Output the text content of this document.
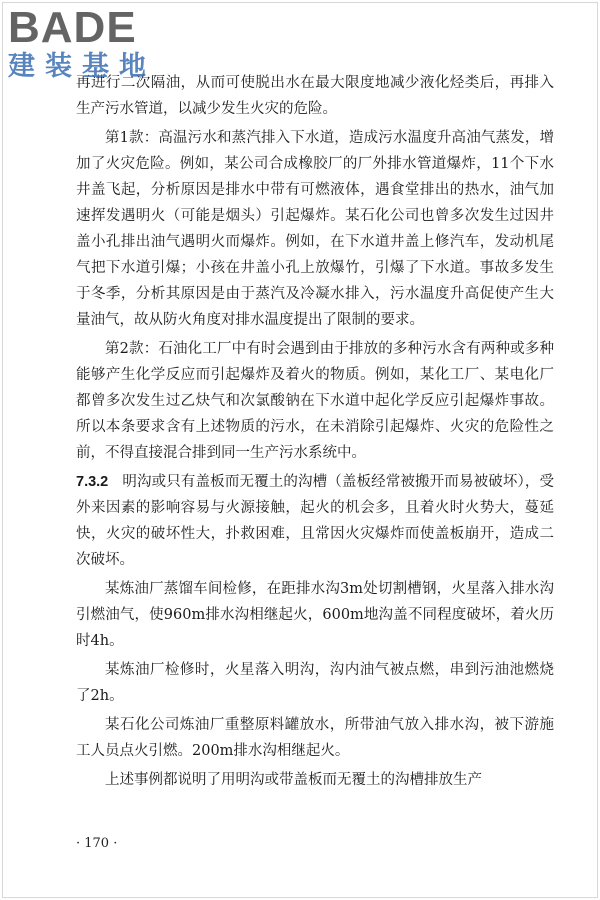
BADE
建装基地

再进行二次隔油，从而可使脱出水在最大限度地减少液化烃类后，再排入生产污水管道，以减少发生火灾的危险。

第1款：高温污水和蒸汽排入下水道，造成污水温度升高油气蒸发，增加了火灾危险。例如，某公司合成橡胶厂的厂外排水管道爆炸，11个下水井盖飞起，分析原因是排水中带有可燃液体，遇食堂排出的热水，油气加速挥发遇明火（可能是烟头）引起爆炸。某石化公司也曾多次发生过因井盖小孔排出油气遇明火而爆炸。例如，在下水道井盖上修汽车，发动机尾气把下水道引爆；小孩在井盖小孔上放爆竹，引爆了下水道。事故多发生于冬季，分析其原因是由于蒸汽及冷凝水排入，污水温度升高促使产生大量油气，故从防火角度对排水温度提出了限制的要求。

第2款：石油化工厂中有时会遇到由于排放的多种污水含有两种或多种能够产生化学反应而引起爆炸及着火的物质。例如，某化工厂、某电化厂都曾多次发生过乙炔气和次氯酸钠在下水道中起化学反应引起爆炸事故。所以本条要求含有上述物质的污水，在未消除引起爆炸、火灾的危险性之前，不得直接混合排到同一生产污水系统中。

7.3.2 明沟或只有盖板而无覆土的沟槽（盖板经常被搬开而易被破坏），受外来因素的影响容易与火源接触，起火的机会多，且着火时火势大，蔓延快，火灾的破坏性大，扑救困难，且常因火灾爆炸而使盖板崩开，造成二次破坏。

某炼油厂蒸馏车间检修，在距排水沟3m处切割槽钢，火星落入排水沟引燃油气，使960m排水沟相继起火，600m地沟盖不同程度破坏，着火历时4h。

某炼油厂检修时，火星落入明沟，沟内油气被点燃，串到污油池燃烧了2h。

某石化公司炼油厂重整原料罐放水，所带油气放入排水沟，被下游施工人员点火引燃。200m排水沟相继起火。

上述事例都说明了用明沟或带盖板而无覆土的沟槽排放生产

· 170 ·
